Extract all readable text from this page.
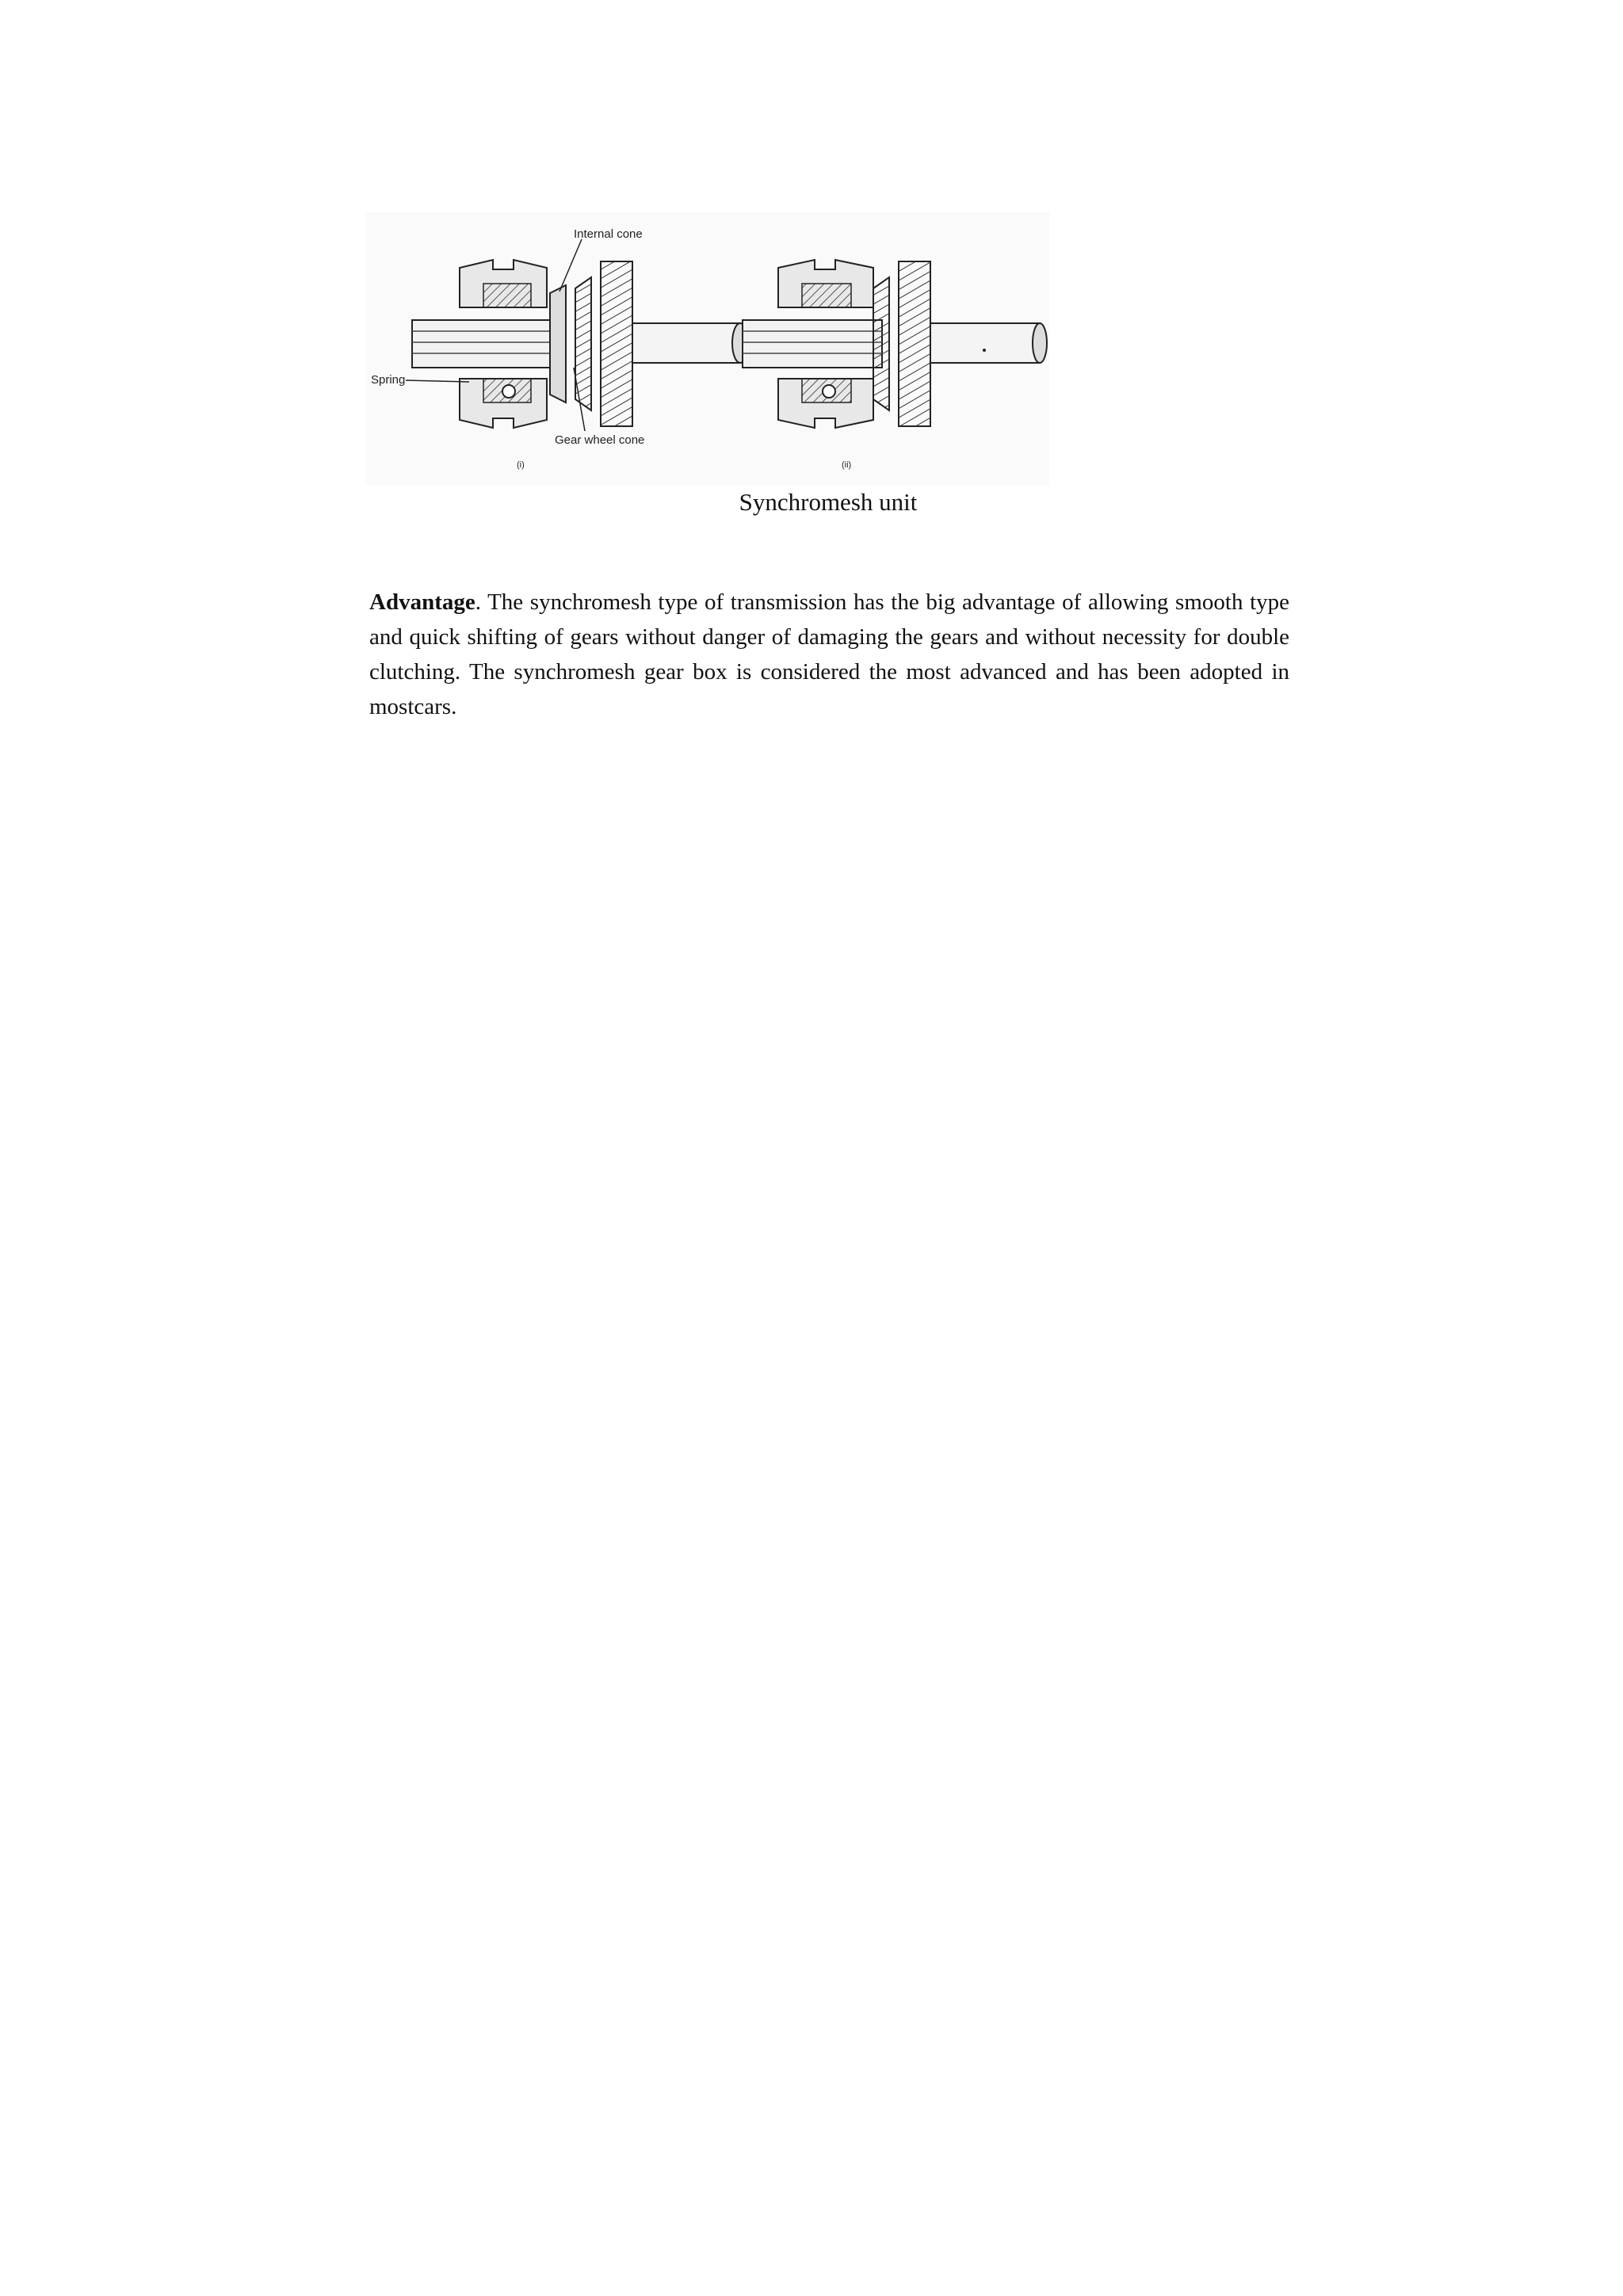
Internal cone
Spring
Gear wheel cone
(i)	(ii)
Synchromesh unit

Advantage. The synchromesh type of transmission has the big advantage of allowing smooth type and quick shifting of gears without danger of damaging the gears and without necessity for double clutching. The synchromesh gear box is considered the most advanced and has been adopted in mostcars.
